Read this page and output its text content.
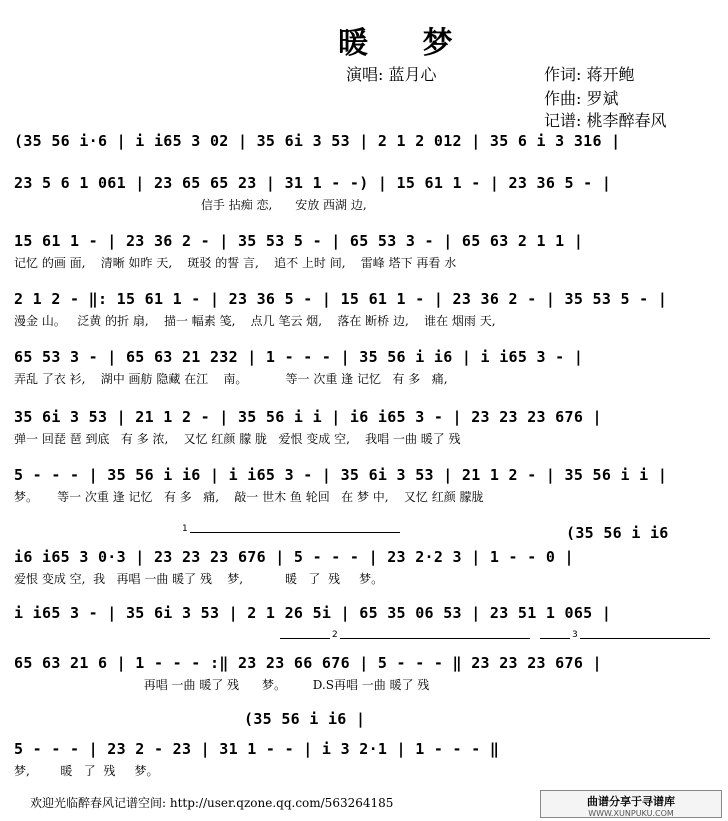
暖 梦
演唱: 蓝月心	作词: 蒋开鲍
作曲: 罗斌
记谱: 桃李醉春风
(35 56 i·6 | i i65 3 02 | 35 6i 3 53 | 2 1 2 012 | 35 6 i 3 316 |
23 5 6 1 061 | 23 65 65 23 | 31 1 - -) | 15 61 1 - | 23 36 5 - |
信手 拈痴 恋,      安放 西湖 边,
15 61 1 - | 23 36 2 - | 35 53 5 - | 65 53 3 - | 65 63 2 1 1 |
记忆 的画 面,    清晰 如昨 天,    斑驳 的誓 言,    追不 上时 间,    雷峰 塔下 再看 水
2 1 2 - ‖: 15 61 1 - | 23 36 5 - | 15 61 1 - | 23 36 2 - | 35 53 5 - |
漫金 山。   泛黄 的折 扇,    描一 幅素 笺,    点几 笔云 烟,    落在 断桥 边,    谁在 烟雨 天,
65 53 3 - | 65 63 21 232 | 1 - - - | 35 56 i i6 | i i65 3 - |
弄乱 了衣 衫,    湖中 画舫 隐藏 在江    南。          等一 次重 逢 记忆   有 多   痛,
35 6i 3 53 | 21 1 2 - | 35 56 i i | i6 i65 3 - | 23 23 23 676 |
弹一 回琵 琶 到底   有 多 浓,    又忆 红颜 朦 胧   爱恨 变成 空,    我唱 一曲 暖了 残
5 - - - | 35 56 i i6 | i i65 3 - | 35 6i 3 53 | 21 1 2 - | 35 56 i i |
梦。     等一 次重 逢 记忆   有 多   痛,    敲一 世木 鱼 轮回   在 梦 中,    又忆 红颜 朦胧
(35 56 i i6
1
i6 i65 3 0·3 | 23 23 23 676 | 5 - - - | 23 2·2 3 | 1 - - 0 |
爱恨 变成 空,  我   再唱 一曲 暖了 残    梦,           暖   了  残     梦。
i i65 3 - | 35 6i 3 53 | 2 1 26 5i | 65 35 06 53 | 23 51 1 065 |
2	3
65 63 21 6 | 1 - - - :‖ 23 23 66 676 | 5 - - - ‖ 23 23 23 676 |
再唱 一曲 暖了 残      梦。       D.S再唱 一曲 暖了 残
(35 56 i i6 |
5 - - - | 23 2 - 23 | 31 1 - - | i 3 2·1 | 1 - - - ‖
梦,        暖   了  残     梦。
欢迎光临醉春风记谱空间: http://user.qzone.qq.com/563264185	曲谱分享于寻谱库
WWW.XUNPUKU.COM
